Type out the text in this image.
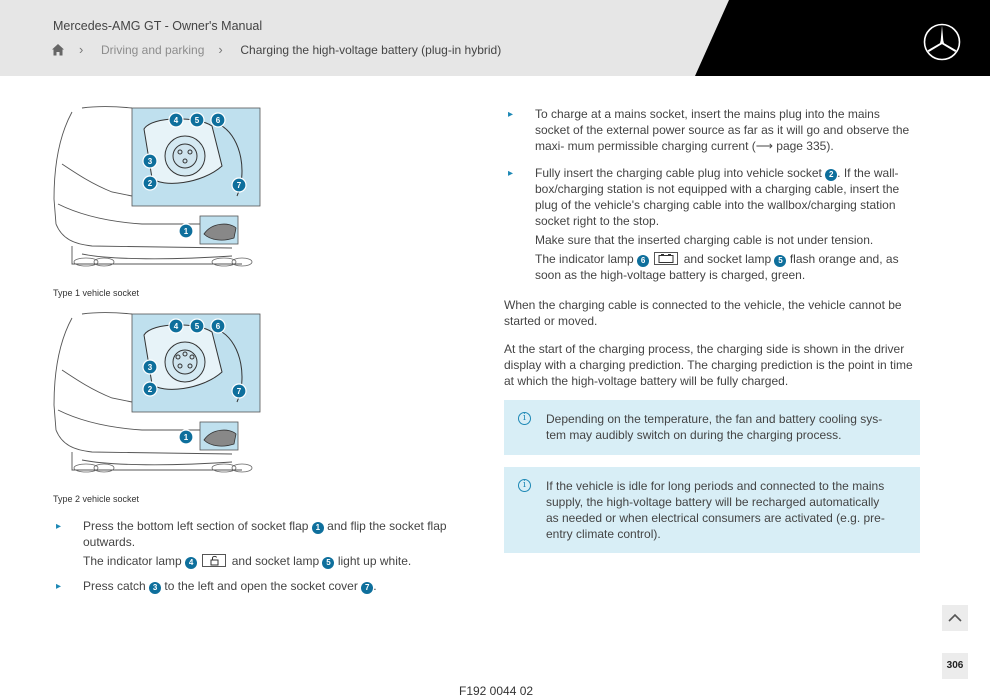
Mercedes-AMG GT - Owner's Manual
›	Driving and parking ›	Charging the high-voltage battery (plug-in hybrid)
4 5 6
3
2	7
1
Type 1 vehicle socket
4 5 6
3
2	7
1
Type 2 vehicle socket
▸ Press the bottom left section of socket flap 1 and flip the socket flap outwards.

The indicator lamp 4	and socket lamp 5 light up white.

▸ Press catch 3 to the left and open the socket cover 7 .

▸ To charge at a mains socket, insert the mains plug into the mains socket of the external power source as far as it will go and observe the maxi- mum permissible charging current (⟶ page 335).

▸ Fully insert the charging cable plug into vehicle socket 2 . If the wall- box/charging station is not equipped with a charging cable, insert the plug of the vehicle's charging cable into the wallbox/charging station socket right to the stop.

Make sure that the inserted charging cable is not under tension.

The indicator lamp 6	and socket lamp 5 flash orange and, as soon as the high-voltage battery is charged, green.

When the charging cable is connected to the vehicle, the vehicle cannot be started or moved.

At the start of the charging process, the charging side is shown in the driver display with a charging prediction. The charging prediction is the point in time at which the high-voltage battery will be fully charged.

i	Depending on the temperature, the fan and battery cooling sys- tem may audibly switch on during the charging process.
i	If the vehicle is idle for long periods and connected to the mains supply, the high-voltage battery will be recharged automatically as needed or when electrical consumers are activated (e.g. pre- entry climate control).
306
F192 0044 02
